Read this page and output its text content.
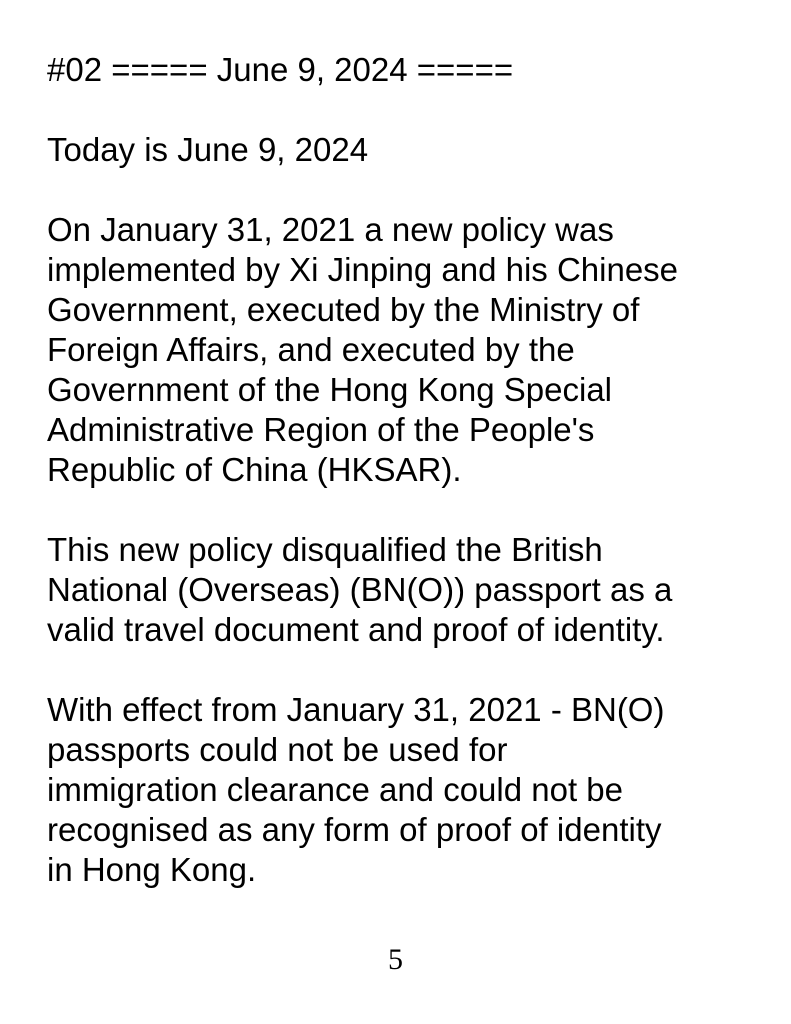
#02 ===== June 9, 2024 =====
Today is June 9, 2024
On January 31, 2021 a new policy was
implemented by Xi Jinping and his Chinese
Government, executed by the Ministry of
Foreign Affairs, and executed by the
Government of the Hong Kong Special
Administrative Region of the People's
Republic of China (HKSAR).
This new policy disqualified the British
National (Overseas) (BN(O)) passport as a
valid travel document and proof of identity.
With effect from January 31, 2021 - BN(O)
passports could not be used for
immigration clearance and could not be
recognised as any form of proof of identity
in Hong Kong.
5
